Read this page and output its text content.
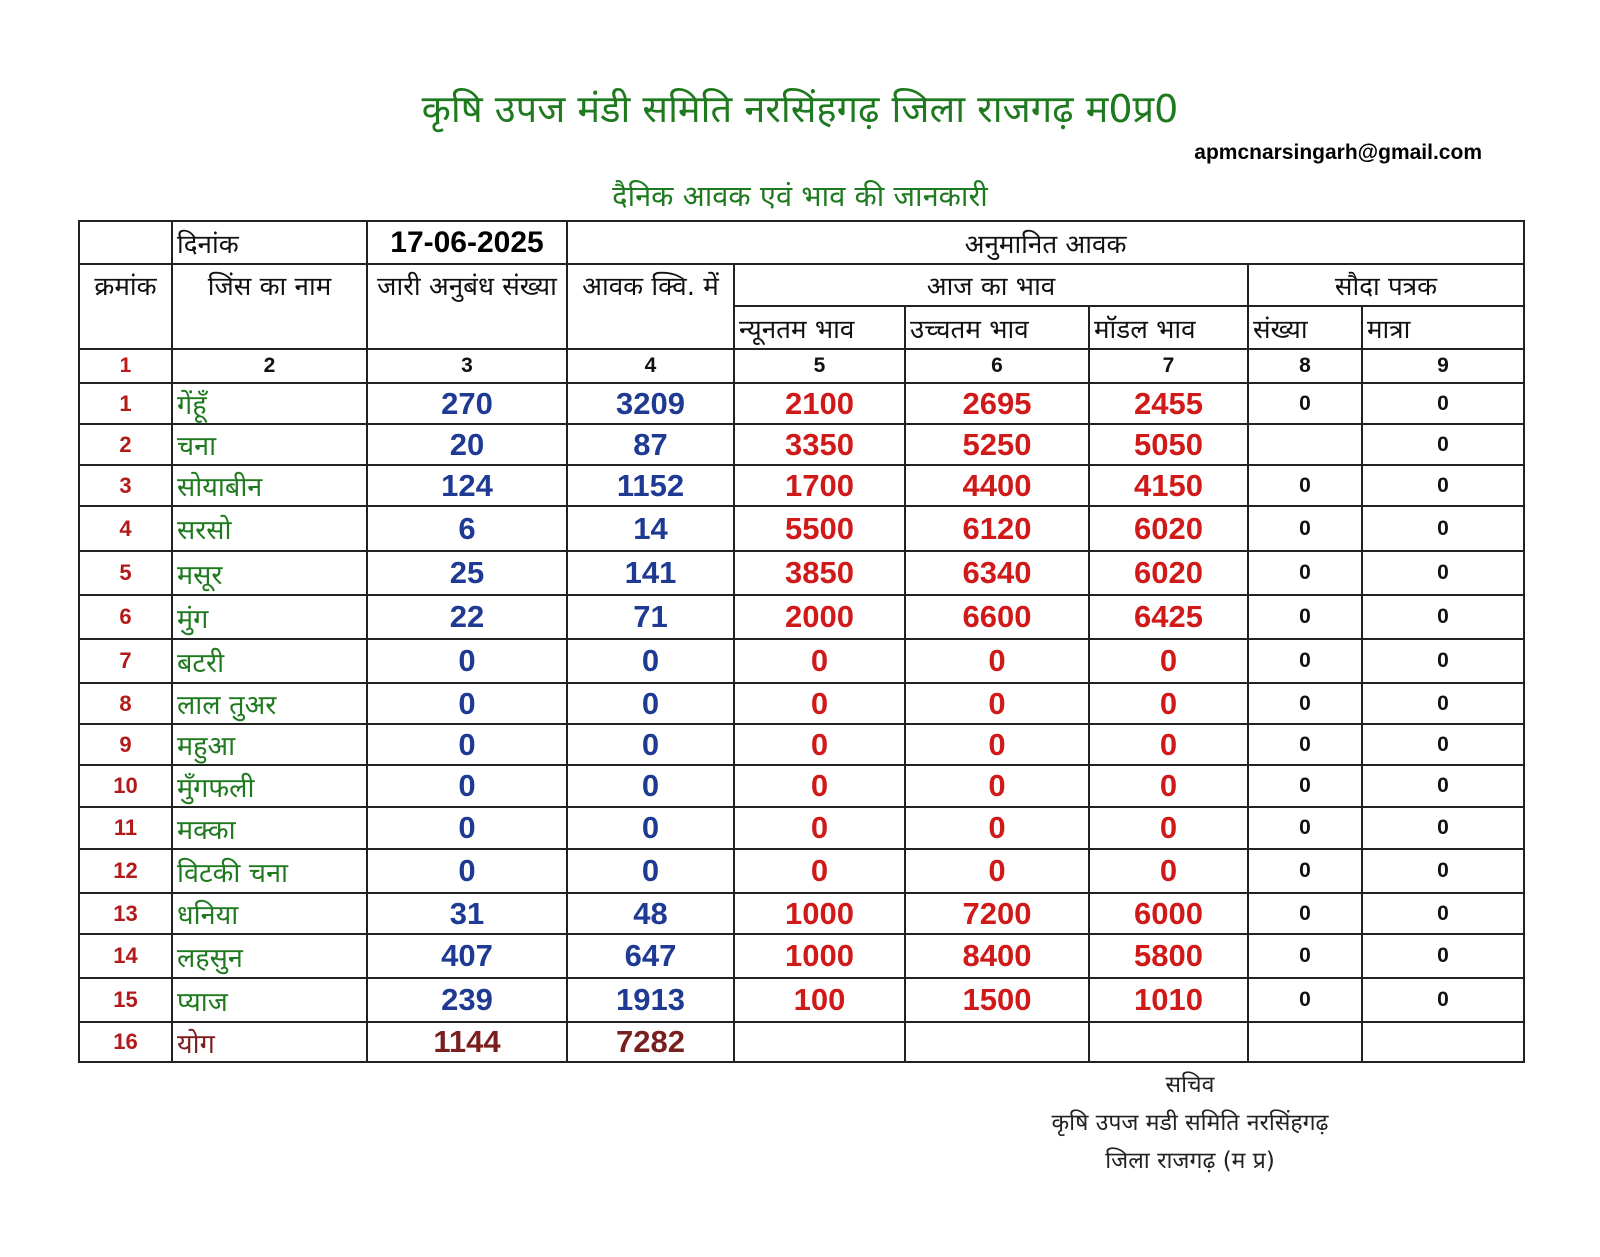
कृषि उपज मंडी समिति नरसिंहगढ़ जिला राजगढ़ म0प्र0
apmcnarsingarh@gmail.com
दैनिक आवक एवं भाव की जानकारी
	दिनांक	17-06-2025	अनुमानित आवक					
क्रमांक	जिंस का नाम	जारी अनुबंध संख्या	आवक क्वि. में	आज का भाव			सौदा पत्रक	
				न्यूनतम भाव	उच्चतम भाव	मॉडल भाव	संख्या	मात्रा
1	2	3	4	5	6	7	8	9
1	गेंहूँ	270	3209	2100	2695	2455	0	0
2	चना	20	87	3350	5250	5050		0
3	सोयाबीन	124	1152	1700	4400	4150	0	0
4	सरसो	6	14	5500	6120	6020	0	0
5	मसूर	25	141	3850	6340	6020	0	0
6	मुंग	22	71	2000	6600	6425	0	0
7	बटरी	0	0	0	0	0	0	0
8	लाल तुअर	0	0	0	0	0	0	0
9	महुआ	0	0	0	0	0	0	0
10	मुँगफली	0	0	0	0	0	0	0
11	मक्का	0	0	0	0	0	0	0
12	विटकी चना	0	0	0	0	0	0	0
13	धनिया	31	48	1000	7200	6000	0	0
14	लहसुन	407	647	1000	8400	5800	0	0
15	प्याज	239	1913	100	1500	1010	0	0
16	योग	1144	7282					
सचिव
कृषि उपज मडी समिति नरसिंहगढ़
जिला राजगढ़ (म प्र)
